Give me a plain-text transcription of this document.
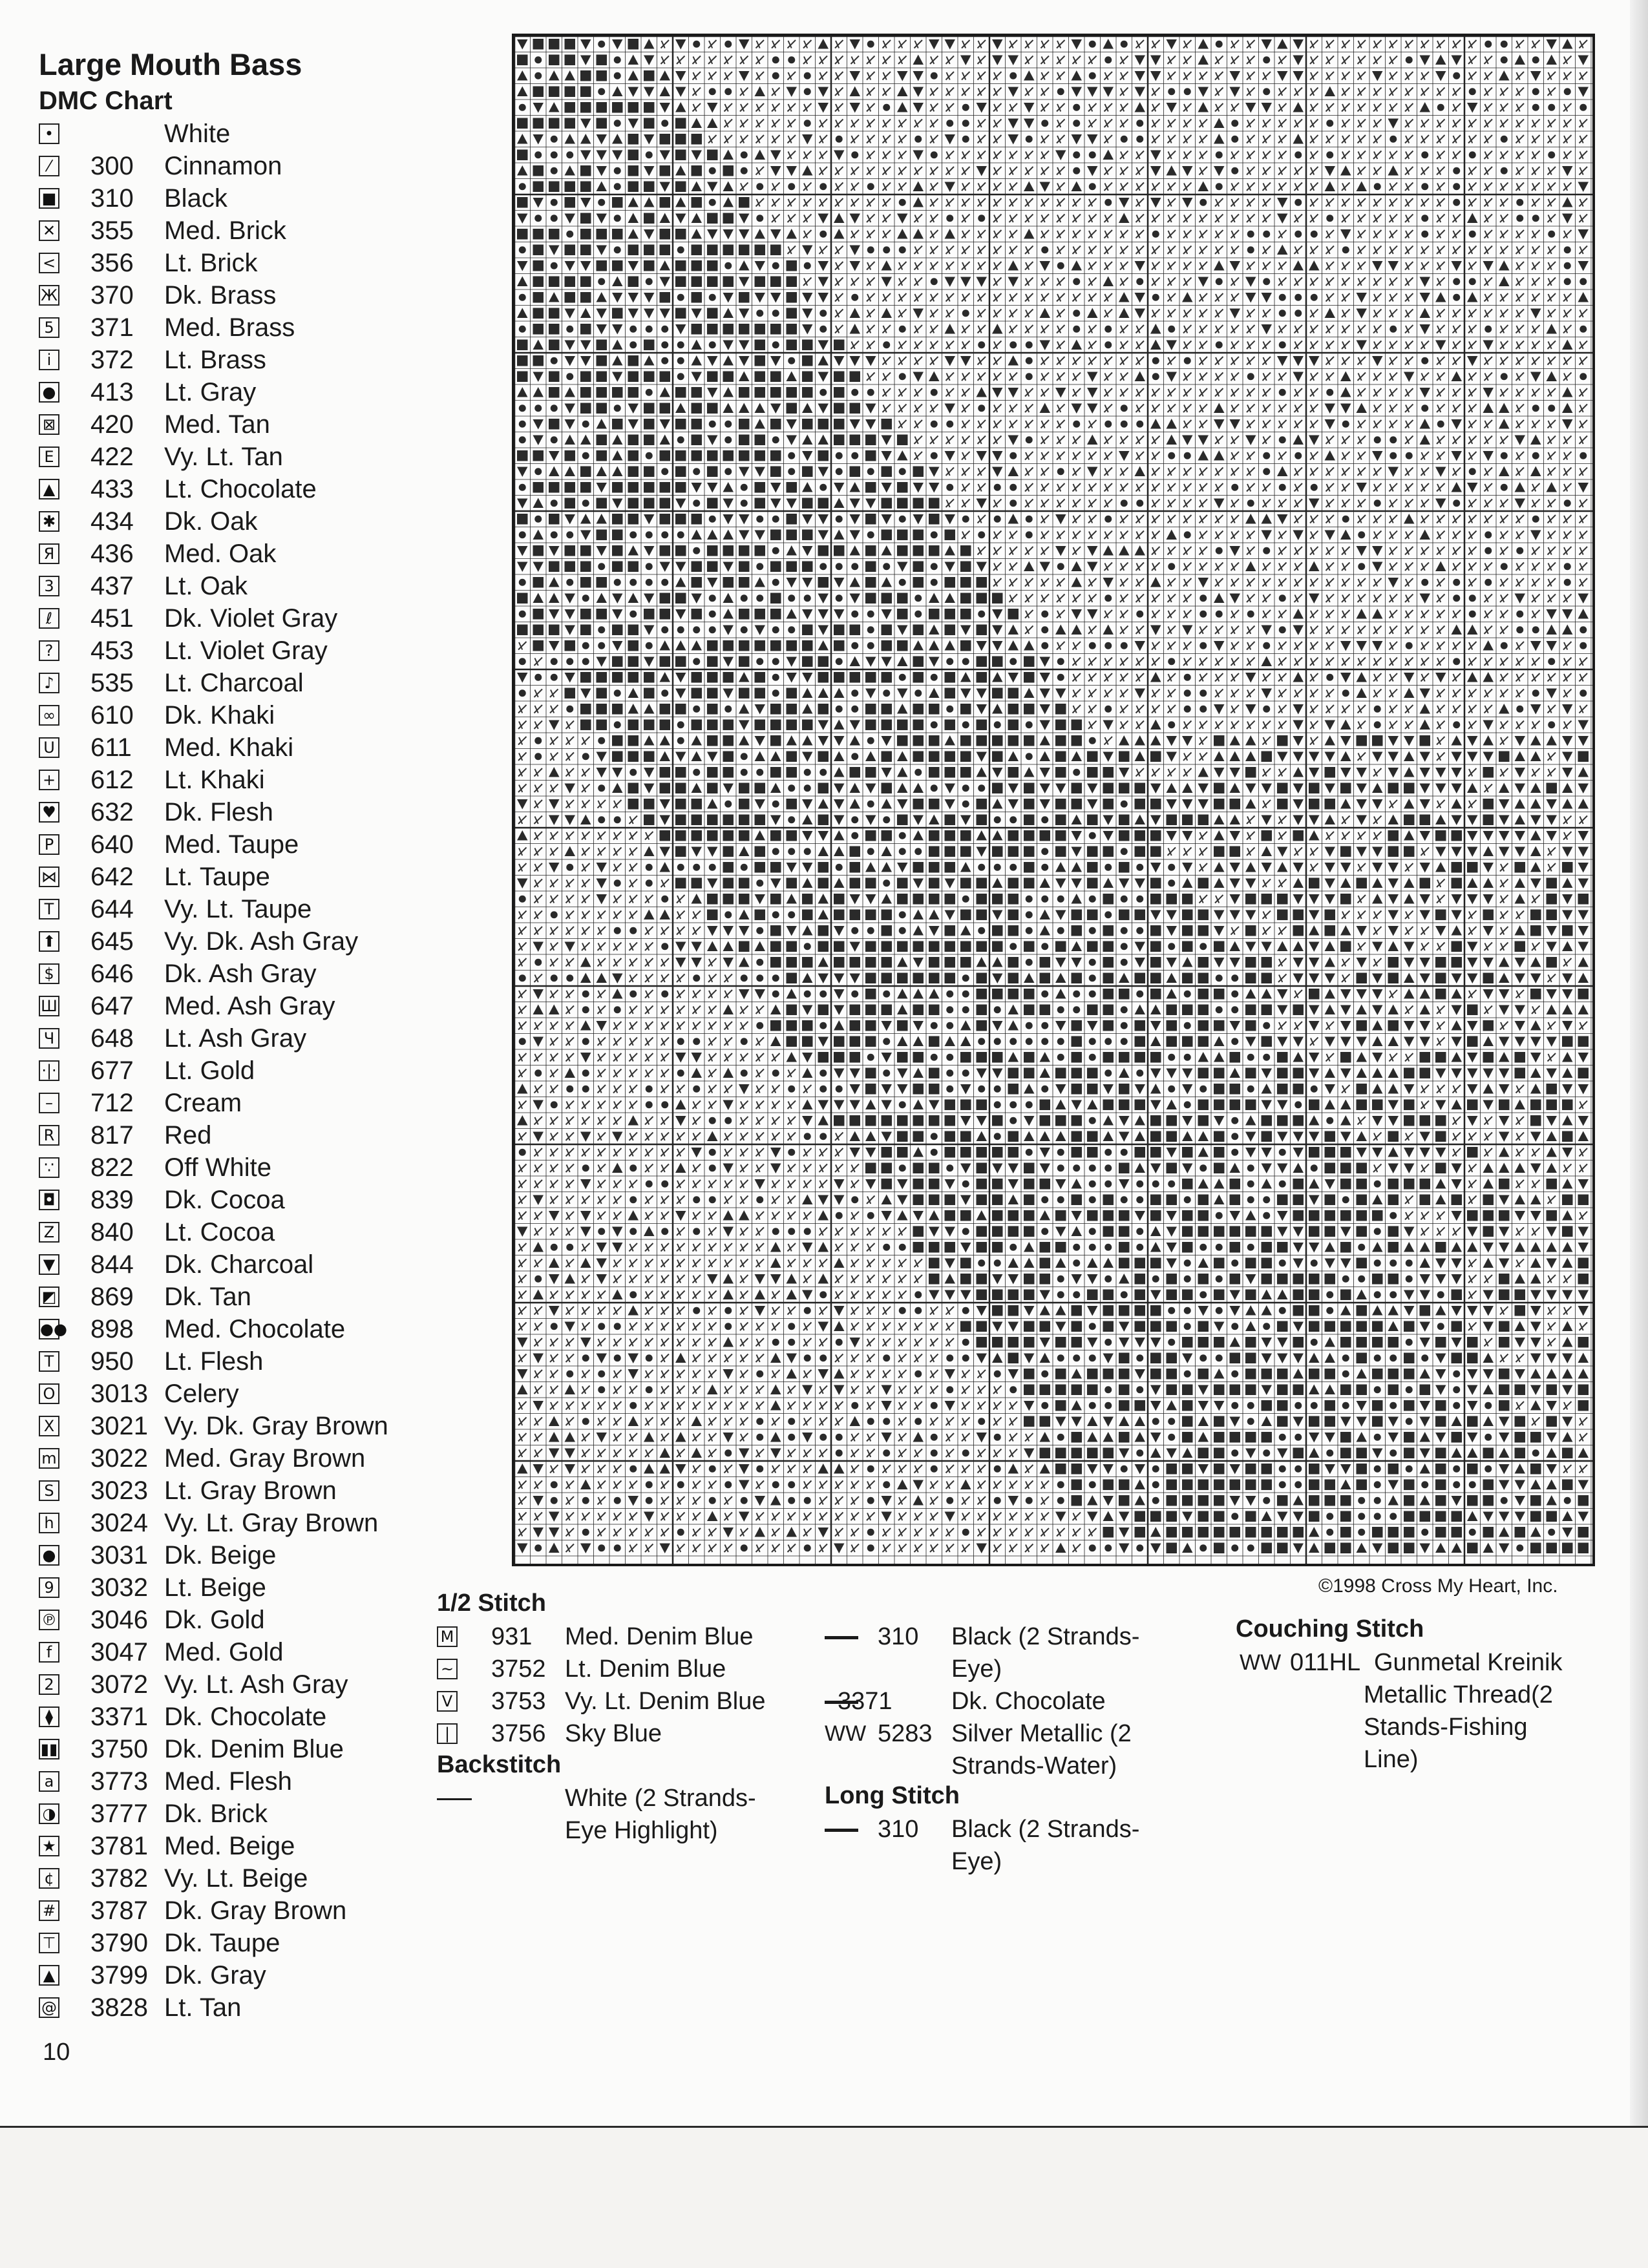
Large Mouth Bass
DMC Chart
•	White
⁄	300 Cinnamon
■ 310 Black
✕ 355 Med. Brick
< 356 Lt. Brick
Ж 370 Dk. Brass
5 371 Med. Brass
i	372 Lt. Brass
● 413 Lt. Gray
⊠ 420 Med. Tan
E 422 Vy. Lt. Tan
▲ 433 Lt. Chocolate
✱ 434 Dk. Oak
Я 436 Med. Oak
3 437 Lt. Oak
ℓ 451 Dk. Violet Gray
? 453 Lt. Violet Gray
♪ 535 Lt. Charcoal
∞ 610 Dk. Khaki
U 611 Med. Khaki
+ 612 Lt. Khaki
♥ 632 Dk. Flesh
P 640 Med. Taupe
⋈ 642 Lt. Taupe
T 644 Vy. Lt. Taupe
⬆ 645 Vy. Dk. Ash Gray
$ 646 Dk. Ash Gray
Ш 647 Med. Ash Gray
Ч 648 Lt. Ash Gray
·|· 677 Lt. Gold
– 712 Cream
R 817 Red
∵ 822 Off White
◘ 839 Dk. Cocoa
Z 840 Lt. Cocoa
▼ 844 Dk. Charcoal
◩ 869 Dk. Tan
●● 898 Med. Chocolate
T 950 Lt. Flesh
O 3013 Celery
X 3021 Vy. Dk. Gray Brown
m 3022 Med. Gray Brown
S 3023 Lt. Gray Brown
h 3024 Vy. Lt. Gray Brown
● 3031 Dk. Beige
9 3032 Lt. Beige
℗ 3046 Dk. Gold
f 3047 Med. Gold
2 3072 Vy. Lt. Ash Gray
⧫ 3371 Dk. Chocolate
▮▮ 3750 Dk. Denim Blue
a 3773 Med. Flesh
◑ 3777 Dk. Brick
★ 3781 Med. Beige
¢ 3782 Vy. Lt. Beige
# 3787 Dk. Gray Brown
⊤ 3790 Dk. Taupe
▲ 3799 Dk. Gray
@ 3828 Lt. Tan
10
©1998 Cross My Heart, Inc.
1/2 Stitch
M 931 Med. Denim Blue
~ 3752 Lt. Denim Blue
V 3753 Vy. Lt. Denim Blue
|	3756 Sky Blue
Backstitch
White (2 Strands-
Eye Highlight)
310 Black (2 Strands-
Eye)
3371 Dk. Chocolate
WW 5283 Silver Metallic (2
Strands-Water)
Long Stitch
310 Black (2 Strands-
Eye)
Couching Stitch
WW 011HL Gunmetal Kreinik
Metallic Thread(2
Stands-Fishing
Line)
